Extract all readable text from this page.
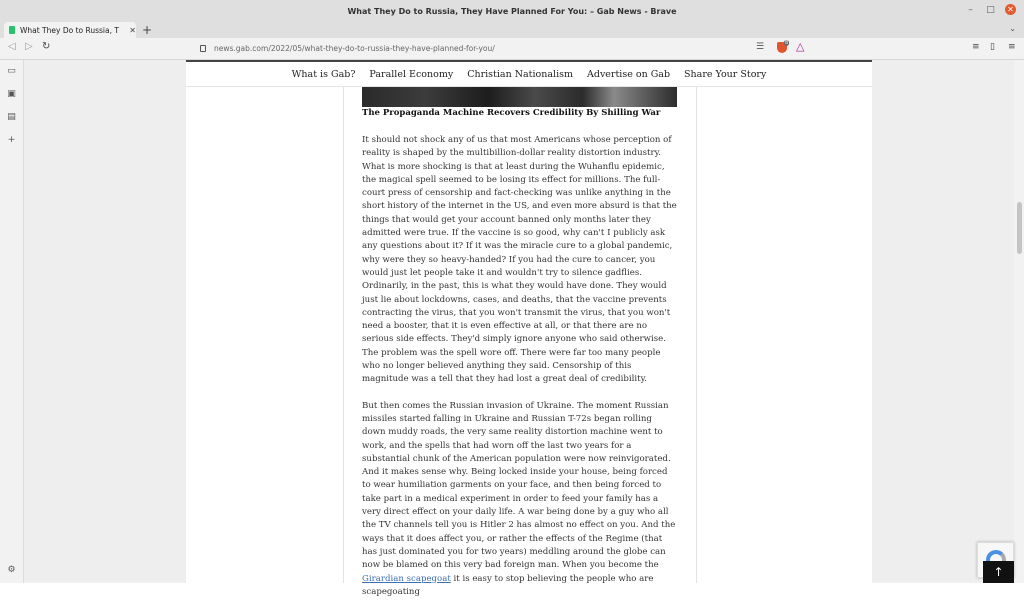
What They Do to Russia, They Have Planned For You: – Gab News - Brave	–	□ ✕
What They Do to Russia, T	✕ +	⌄
◁ ▷ ↻	news.gab.com/2022/05/what-they-do-to-russia-they-have-planned-for-you/	☰	8 △	≡ ▯ ≡
▭
▣
▤
+
⚙
What is Gab? Parallel Economy Christian Nationalism Advertise on Gab Share Your Story
The Propaganda Machine Recovers Credibility By Shilling War

It should not shock any of us that most Americans whose perception of reality is shaped by the multibillion-dollar reality distortion industry. What is more shocking is that at least during the Wuhanflu epidemic, the magical spell seemed to be losing its effect for millions. The full-court press of censorship and fact-checking was unlike anything in the short history of the internet in the US, and even more absurd is that the things that would get your account banned only months later they admitted were true. If the vaccine is so good, why can't I publicly ask any questions about it? If it was the miracle cure to a global pandemic, why were they so heavy-handed? If you had the cure to cancer, you would just let people take it and wouldn't try to silence gadflies. Ordinarily, in the past, this is what they would have done. They would just lie about lockdowns, cases, and deaths, that the vaccine prevents contracting the virus, that you won't transmit the virus, that you won't need a booster, that it is even effective at all, or that there are no serious side effects. They'd simply ignore anyone who said otherwise. The problem was the spell wore off. There were far too many people who no longer believed anything they said. Censorship of this magnitude was a tell that they had lost a great deal of credibility.

But then comes the Russian invasion of Ukraine. The moment Russian missiles started falling in Ukraine and Russian T-72s began rolling down muddy roads, the very same reality distortion machine went to work, and the spells that had worn off the last two years for a substantial chunk of the American population were now reinvigorated. And it makes sense why. Being locked inside your house, being forced to wear humiliation garments on your face, and then being forced to take part in a medical experiment in order to feed your family has a very direct effect on your daily life. A war being done by a guy who all the TV channels tell you is Hitler 2 has almost no effect on you. And the ways that it does affect you, or rather the effects of the Regime (that has just dominated you for two years) meddling around the globe can now be blamed on this very bad foreign man. When you become the Girardian scapegoat it is easy to stop believing the people who are scapegoating

↑
